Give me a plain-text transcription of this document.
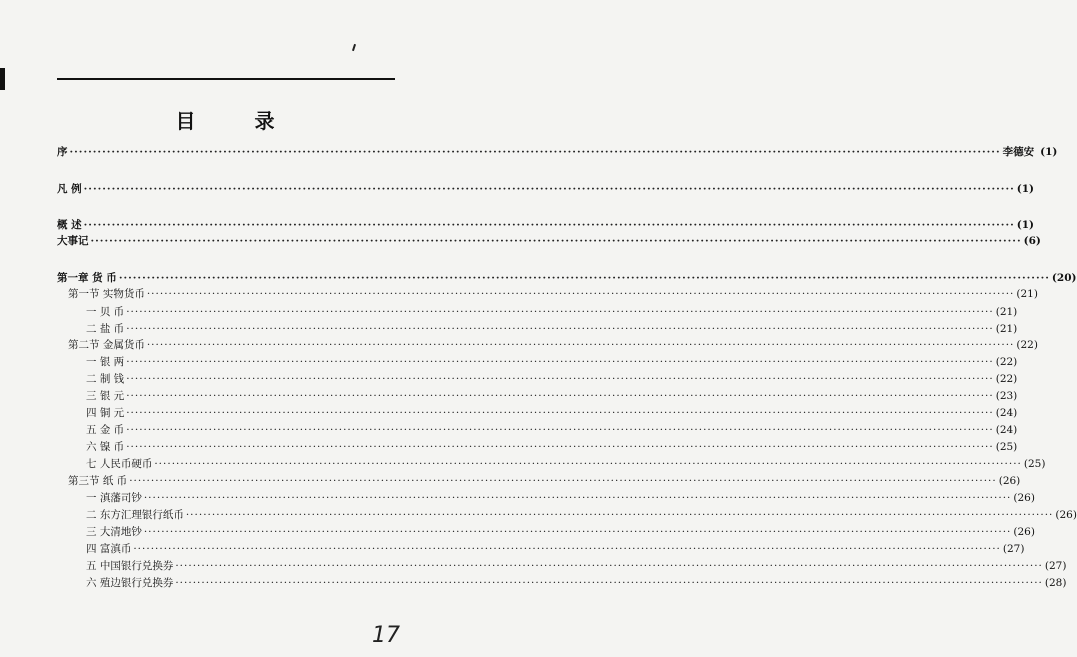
目 录
序 ········································································································································································································ 李德安 (1)
凡 例 ········································································································································································································ (1)
概 述 ········································································································································································································ (1)
大事记 ········································································································································································································ (6)
第一章 货 币 ········································································································································································································ (20)
第一节 实物货币 ········································································································································································································ (21)
一 贝 币 ········································································································································································································ (21)
二 盐 币 ········································································································································································································ (21)
第二节 金属货币 ········································································································································································································ (22)
一 银 两 ········································································································································································································ (22)
二 制 钱 ········································································································································································································ (22)
三 银 元 ········································································································································································································ (23)
四 铜 元 ········································································································································································································ (24)
五 金 币 ········································································································································································································ (24)
六 镍 币 ········································································································································································································ (25)
七 人民币硬币 ········································································································································································································ (25)
第三节 纸 币 ········································································································································································································ (26)
一 滇藩司钞 ········································································································································································································ (26)
二 东方汇理银行纸币 ········································································································································································································ (26)
三 大清地钞 ········································································································································································································ (26)
四 富滇币 ········································································································································································································ (27)
五 中国银行兑换券 ········································································································································································································ (27)
六 殖边银行兑换券 ········································································································································································································ (28)
17
